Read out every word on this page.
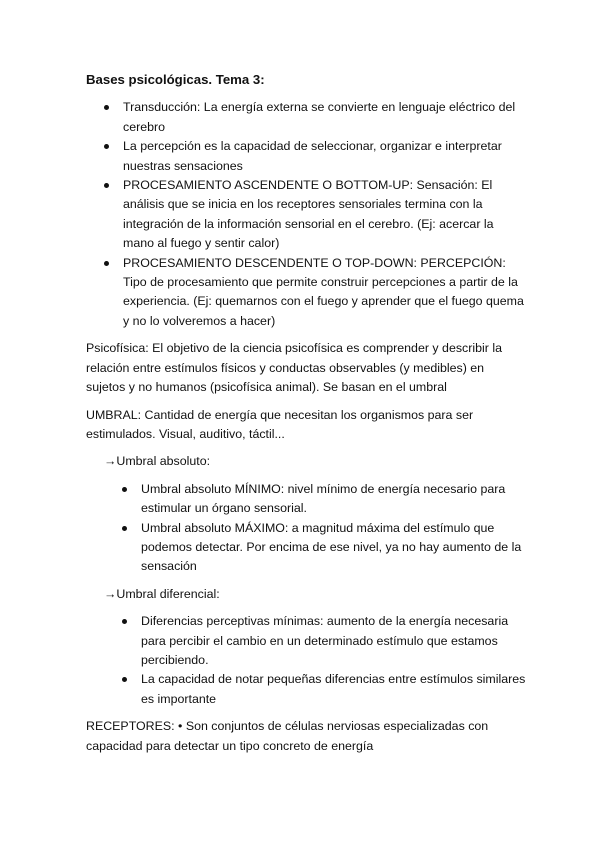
Bases psicológicas. Tema 3:

Transducción: La energía externa se convierte en lenguaje eléctrico del cerebro
La percepción es la capacidad de seleccionar, organizar e interpretar nuestras sensaciones
PROCESAMIENTO ASCENDENTE O BOTTOM-UP: Sensación: El análisis que se inicia en los receptores sensoriales termina con la integración de la información sensorial en el cerebro. (Ej: acercar la mano al fuego y sentir calor)
PROCESAMIENTO DESCENDENTE O TOP-DOWN: PERCEPCIÓN: Tipo de procesamiento que permite construir percepciones a partir de la experiencia. (Ej: quemarnos con el fuego y aprender que el fuego quema y no lo volveremos a hacer)

Psicofísica: El objetivo de la ciencia psicofísica es comprender y describir la relación entre estímulos físicos y conductas observables (y medibles) en sujetos y no humanos (psicofísica animal). Se basan en el umbral

UMBRAL: Cantidad de energía que necesitan los organismos para ser estimulados. Visual, auditivo, táctil...

→Umbral absoluto:

Umbral absoluto MÍNIMO: nivel mínimo de energía necesario para estimular un órgano sensorial.
Umbral absoluto MÁXIMO: a magnitud máxima del estímulo que podemos detectar. Por encima de ese nivel, ya no hay aumento de la sensación

→Umbral diferencial:

Diferencias perceptivas mínimas: aumento de la energía necesaria para percibir el cambio en un determinado estímulo que estamos percibiendo.
La capacidad de notar pequeñas diferencias entre estímulos similares es importante

RECEPTORES: • Son conjuntos de células nerviosas especializadas con capacidad para detectar un tipo concreto de energía
